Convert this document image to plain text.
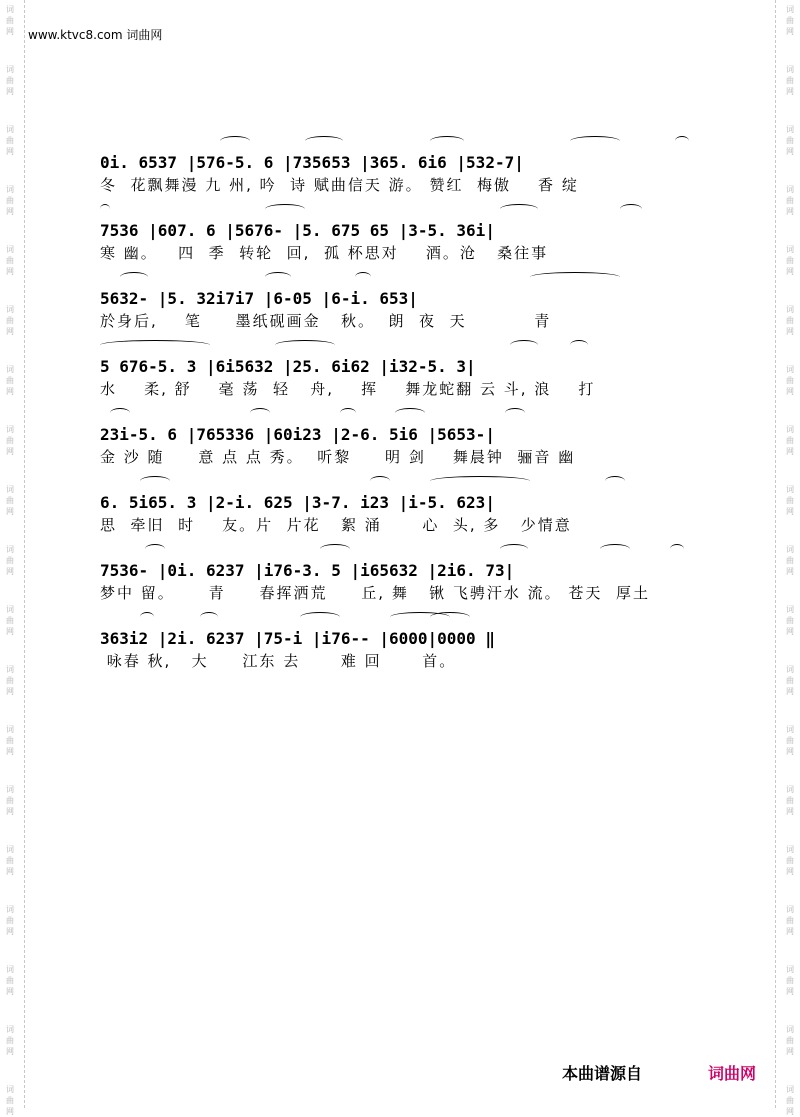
www.ktvc8.com 词曲网
0i. 6537 |576-5. 6 |735653 |365. 6i6 |532-7|
冬  花飘舞漫 九 州, 吟  诗 赋曲信天 游。 赞红  梅傲    香 绽
7536 |607. 6 |5676- |5. 675 65 |3-5. 36i|
寒 幽。   四  季  转轮  回,  孤 杯思对    酒。沧   桑往事
5632- |5. 32i7i7 |6-05 |6-i. 653|
於身后,    笔     墨纸砚画金   秋。  朗  夜  天          青
5 676-5. 3 |6i5632 |25. 6i62 |i32-5. 3|
水    柔, 舒    毫 荡  轻   舟,    挥    舞龙蛇翻 云 斗, 浪    打
23i-5. 6 |765336 |60i23 |2-6. 5i6 |5653-|
金 沙 随     意 点 点 秀。  听黎     明 剑    舞晨钟  骊音 幽
6. 5i65. 3 |2-i. 625 |3-7. i23 |i-5. 623|
思  牵旧  时    友。片  片花   絮 涌      心  头, 多   少情意
7536- |0i. 6237 |i76-3. 5 |i65632 |2i6. 73|
梦中 留。     青     春挥洒荒     丘, 舞   锹 飞骋汗水 流。 苍天  厚土
363i2 |2i. 6237 |75-i |i76-- |6000|0000 ‖
咏春 秋,   大     江东 去      难 回      首。
本曲谱源自	词曲网
词
曲
网
词
曲
网
词
曲
网
词
曲
网
词
曲
网
词
曲
网
词
曲
网
词
曲
网
词
曲
网
词
曲
网
词
曲
网
词
曲
网
词
曲
网
词
曲
网
词
曲
网
词
曲
网
词
曲
网
词
曲
网
词
曲
网
词
曲
网
词
曲
网
词
曲
网
词
曲
网
词
曲
网
词
曲
网
词
曲
网
词
曲
网
词
曲
网
词
曲
网
词
曲
网
词
曲
网
词
曲
网
词
曲
网
词
曲
网
词
曲
网
词
曲
网
词
曲
网
词
曲
网
